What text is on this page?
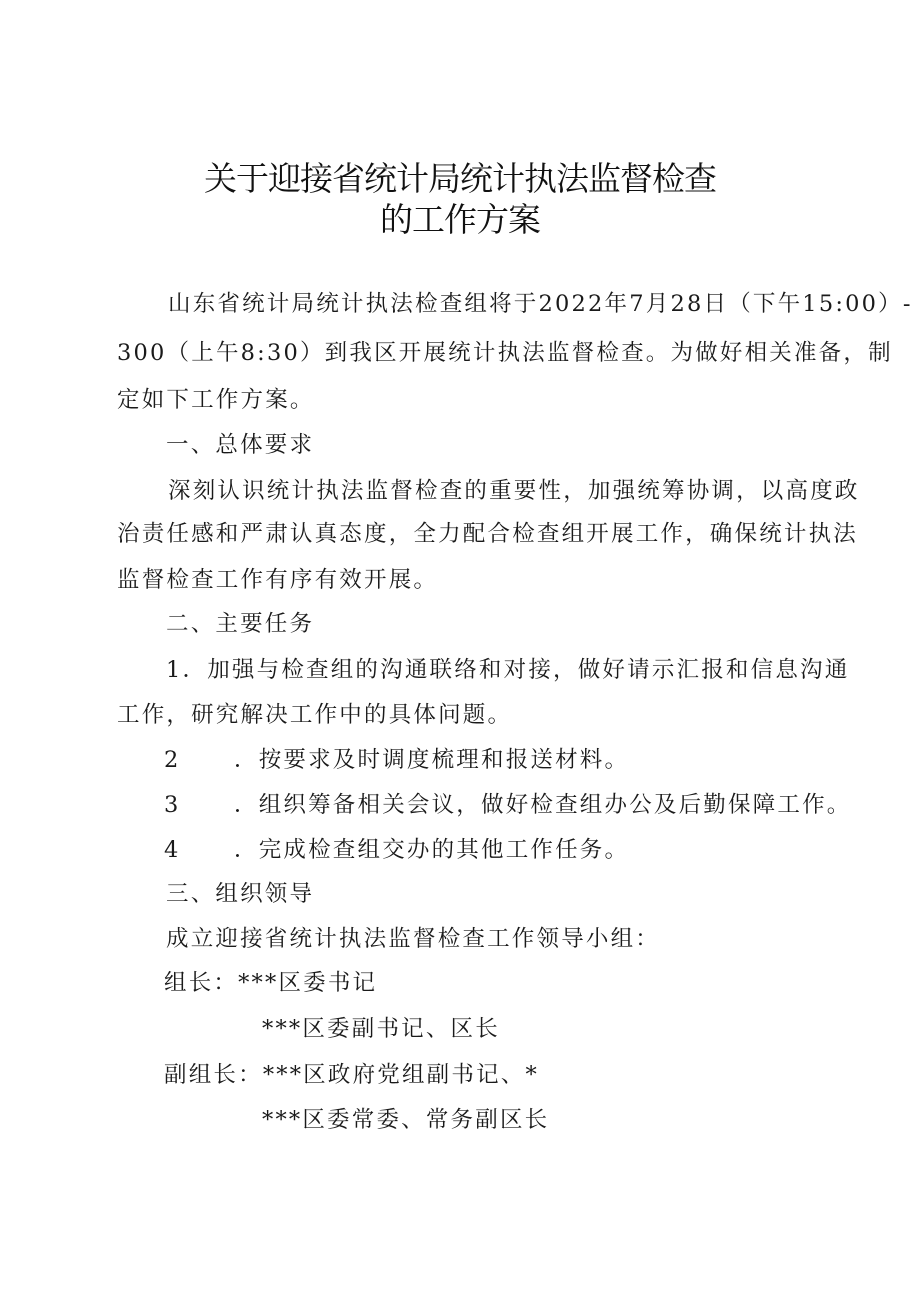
关于迎接省统计局统计执法监督检查
的工作方案
山东省统计局统计执法检查组将于2022年7月28日（下午15:00）-
300（上午8:30）到我区开展统计执法监督检查。为做好相关准备，制
定如下工作方案。
一、总体要求
深刻认识统计执法监督检查的重要性，加强统筹协调，以高度政
治责任感和严肃认真态度，全力配合检查组开展工作，确保统计执法
监督检查工作有序有效开展。
二、主要任务
1．加强与检查组的沟通联络和对接，做好请示汇报和信息沟通
工作，研究解决工作中的具体问题。
2 ．按要求及时调度梳理和报送材料。
3 ．组织筹备相关会议，做好检查组办公及后勤保障工作。
4 ．完成检查组交办的其他工作任务。
三、组织领导
成立迎接省统计执法监督检查工作领导小组：
组长：***区委书记
***区委副书记、区长
副组长：***区政府党组副书记、*
***区委常委、常务副区长
